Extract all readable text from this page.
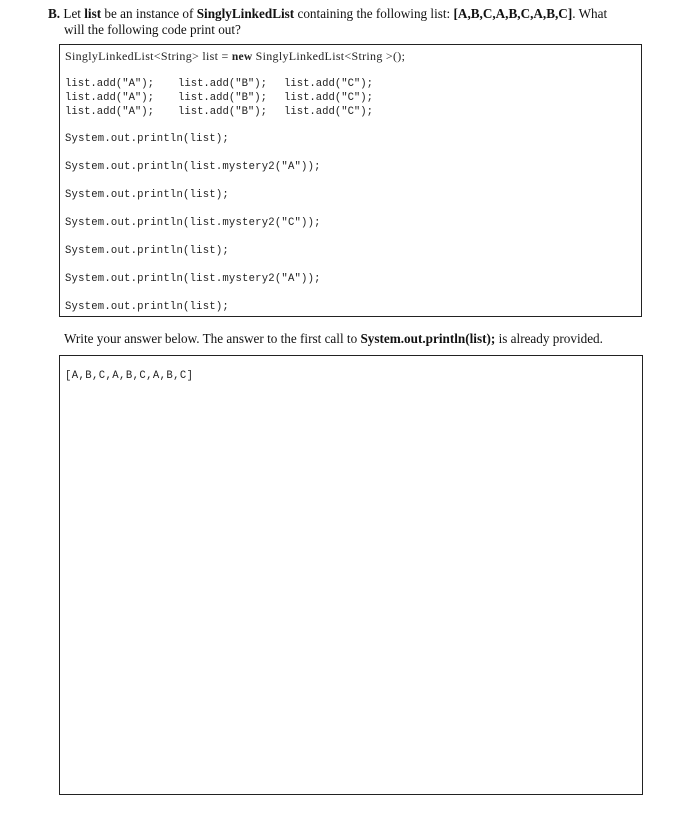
B. Let list be an instance of SinglyLinkedList containing the following list: [A,B,C,A,B,C,A,B,C]. What
will the following code print out?
SinglyLinkedList<String> list = new SinglyLinkedList<String >();
list.add("A");	list.add("B");	list.add("C");
list.add("A");	list.add("B");	list.add("C");
list.add("A");	list.add("B");	list.add("C");
System.out.println(list);
System.out.println(list.mystery2("A"));
System.out.println(list);
System.out.println(list.mystery2("C"));
System.out.println(list);
System.out.println(list.mystery2("A"));
System.out.println(list);
Write your answer below. The answer to the first call to System.out.println(list); is already provided.
[A,B,C,A,B,C,A,B,C]
